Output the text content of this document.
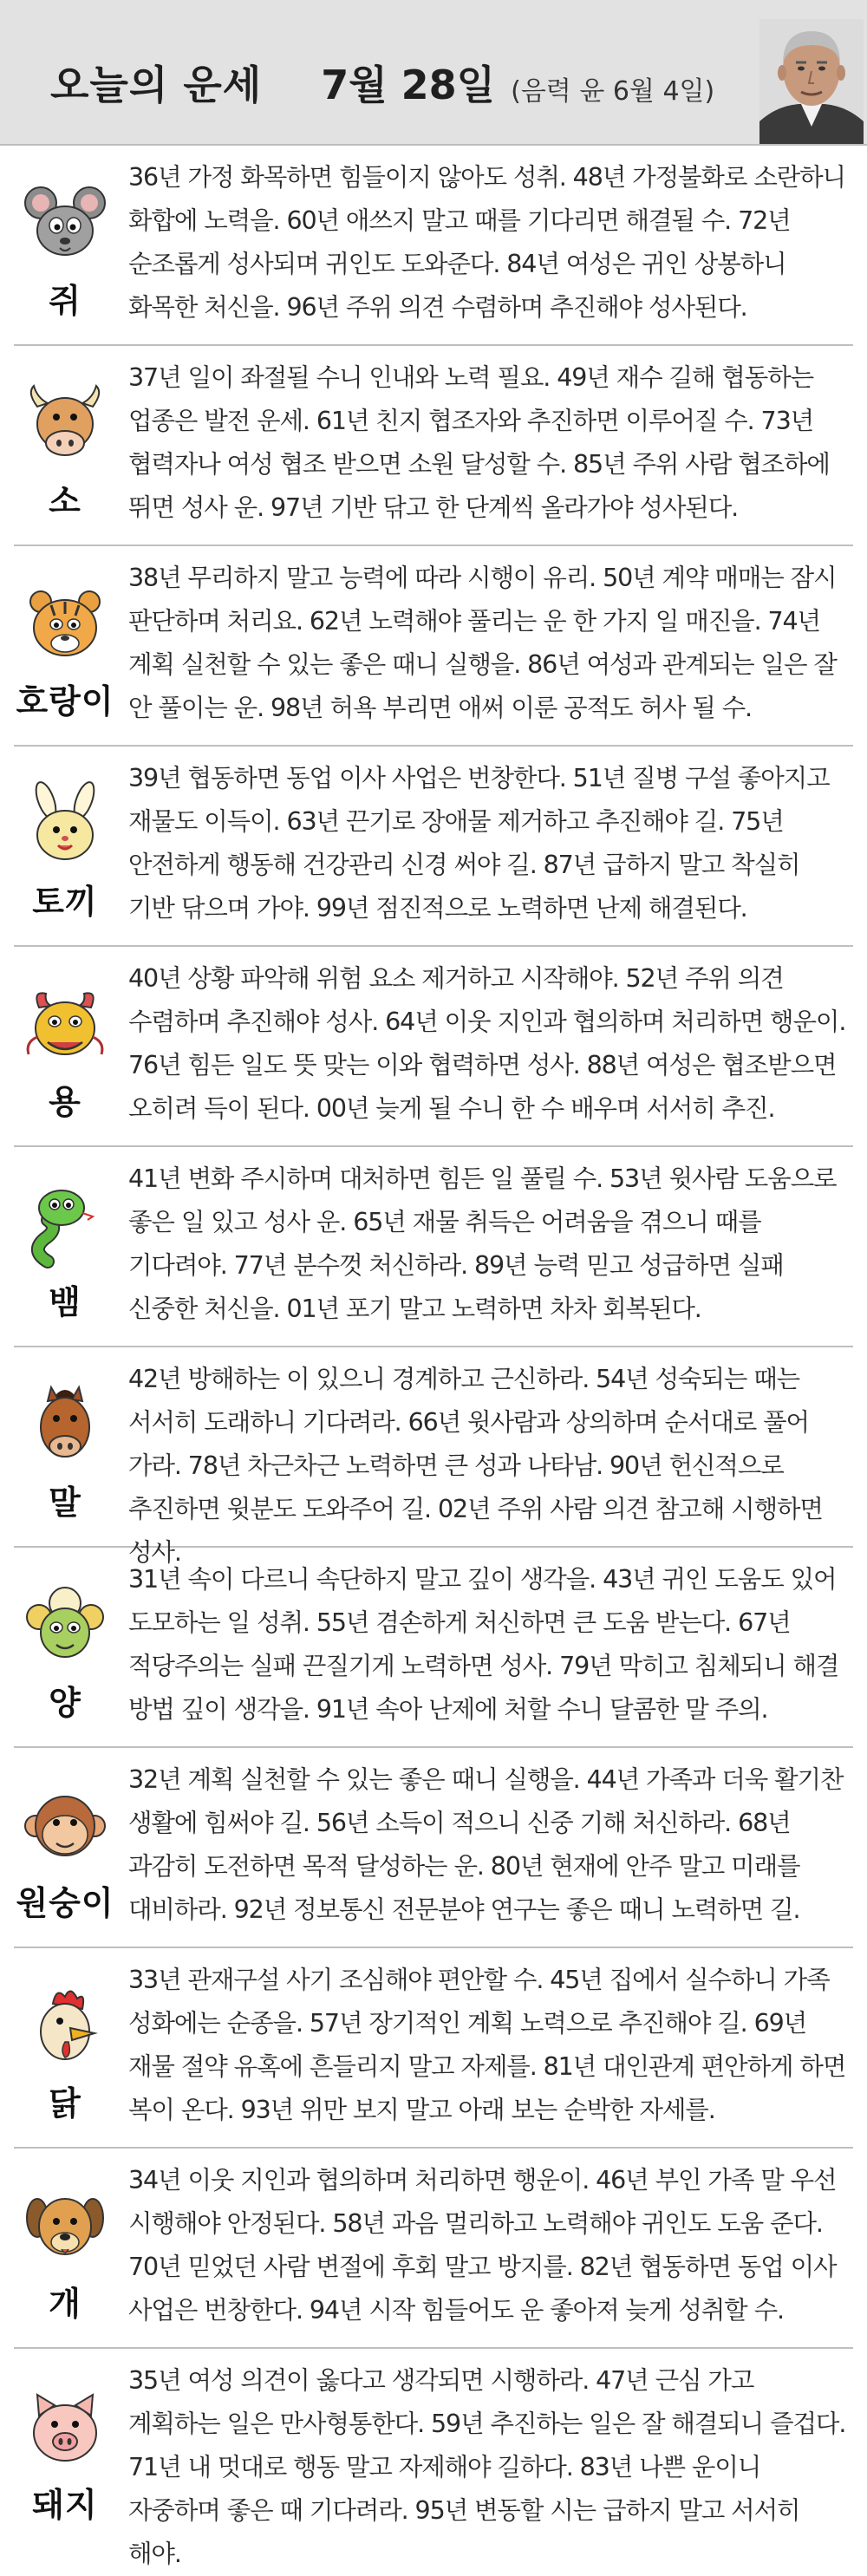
오늘의 운세 7월 28일 (음력 윤 6월 4일)
쥐
36년 가정 화목하면 힘들이지 않아도 성취. 48년 가정불화로 소란하니 화합에 노력을. 60년 애쓰지 말고 때를 기다리면 해결될 수. 72년 순조롭게 성사되며 귀인도 도와준다. 84년 여성은 귀인 상봉하니 화목한 처신을. 96년 주위 의견 수렴하며 추진해야 성사된다.
소
37년 일이 좌절될 수니 인내와 노력 필요. 49년 재수 길해 협동하는 업종은 발전 운세. 61년 친지 협조자와 추진하면 이루어질 수. 73년 협력자나 여성 협조 받으면 소원 달성할 수. 85년 주위 사람 협조하에 뛰면 성사 운. 97년 기반 닦고 한 단계씩 올라가야 성사된다.
호랑이
38년 무리하지 말고 능력에 따라 시행이 유리. 50년 계약 매매는 잠시 판단하며 처리요. 62년 노력해야 풀리는 운 한 가지 일 매진을. 74년 계획 실천할 수 있는 좋은 때니 실행을. 86년 여성과 관계되는 일은 잘 안 풀이는 운. 98년 허욕 부리면 애써 이룬 공적도 허사 될 수.
토끼
39년 협동하면 동업 이사 사업은 번창한다. 51년 질병 구설 좋아지고 재물도 이득이. 63년 끈기로 장애물 제거하고 추진해야 길. 75년 안전하게 행동해 건강관리 신경 써야 길. 87년 급하지 말고 착실히 기반 닦으며 가야. 99년 점진적으로 노력하면 난제 해결된다.
용
40년 상황 파악해 위험 요소 제거하고 시작해야. 52년 주위 의견 수렴하며 추진해야 성사. 64년 이웃 지인과 협의하며 처리하면 행운이. 76년 힘든 일도 뜻 맞는 이와 협력하면 성사. 88년 여성은 협조받으면 오히려 득이 된다. 00년 늦게 될 수니 한 수 배우며 서서히 추진.
뱀
41년 변화 주시하며 대처하면 힘든 일 풀릴 수. 53년 윗사람 도움으로 좋은 일 있고 성사 운. 65년 재물 취득은 어려움을 겪으니 때를 기다려야. 77년 분수껏 처신하라. 89년 능력 믿고 성급하면 실패 신중한 처신을. 01년 포기 말고 노력하면 차차 회복된다.
말
42년 방해하는 이 있으니 경계하고 근신하라. 54년 성숙되는 때는 서서히 도래하니 기다려라. 66년 윗사람과 상의하며 순서대로 풀어 가라. 78년 차근차근 노력하면 큰 성과 나타남. 90년 헌신적으로 추진하면 윗분도 도와주어 길. 02년 주위 사람 의견 참고해 시행하면 성사.
양
31년 속이 다르니 속단하지 말고 깊이 생각을. 43년 귀인 도움도 있어 도모하는 일 성취. 55년 겸손하게 처신하면 큰 도움 받는다. 67년 적당주의는 실패 끈질기게 노력하면 성사. 79년 막히고 침체되니 해결 방법 깊이 생각을. 91년 속아 난제에 처할 수니 달콤한 말 주의.
원숭이
32년 계획 실천할 수 있는 좋은 때니 실행을. 44년 가족과 더욱 활기찬 생활에 힘써야 길. 56년 소득이 적으니 신중 기해 처신하라. 68년 과감히 도전하면 목적 달성하는 운. 80년 현재에 안주 말고 미래를 대비하라. 92년 정보통신 전문분야 연구는 좋은 때니 노력하면 길.
닭
33년 관재구설 사기 조심해야 편안할 수. 45년 집에서 실수하니 가족 성화에는 순종을. 57년 장기적인 계획 노력으로 추진해야 길. 69년 재물 절약 유혹에 흔들리지 말고 자제를. 81년 대인관계 편안하게 하면 복이 온다. 93년 위만 보지 말고 아래 보는 순박한 자세를.
개
34년 이웃 지인과 협의하며 처리하면 행운이. 46년 부인 가족 말 우선 시행해야 안정된다. 58년 과음 멀리하고 노력해야 귀인도 도움 준다. 70년 믿었던 사람 변절에 후회 말고 방지를. 82년 협동하면 동업 이사 사업은 번창한다. 94년 시작 힘들어도 운 좋아져 늦게 성취할 수.
돼지
35년 여성 의견이 옳다고 생각되면 시행하라. 47년 근심 가고 계획하는 일은 만사형통한다. 59년 추진하는 일은 잘 해결되니 즐겁다. 71년 내 멋대로 행동 말고 자제해야 길하다. 83년 나쁜 운이니 자중하며 좋은 때 기다려라. 95년 변동할 시는 급하지 말고 서서히 해야.
